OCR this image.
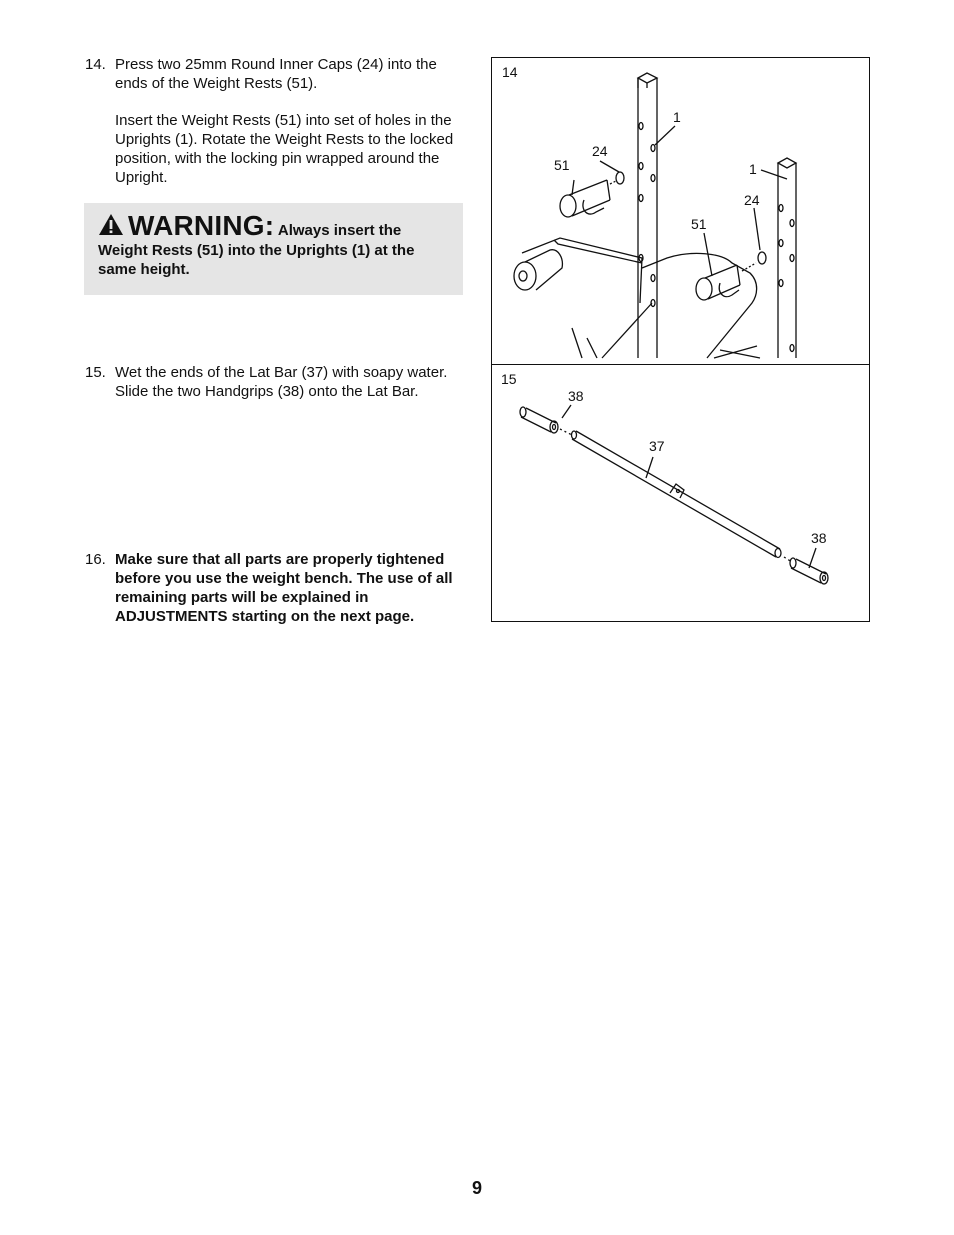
14. Press two 25mm Round Inner Caps (24) into the ends of the Weight Rests (51).

Insert the Weight Rests (51) into set of holes in the Uprights (1). Rotate the Weight Rests to the locked position, with the locking pin wrapped around the Upright.

WARNING: Always insert the
Weight Rests (51) into the Uprights (1) at the same height.
15. Wet the ends of the Lat Bar (37) with soapy water. Slide the two Handgrips (38) onto the Lat Bar.

16. Make sure that all parts are properly tightened before you use the weight bench. The use of all remaining parts will be explained in ADJUSTMENTS starting on the next page.

14
1
24
51	1
24
51
15
38
37
38
9
